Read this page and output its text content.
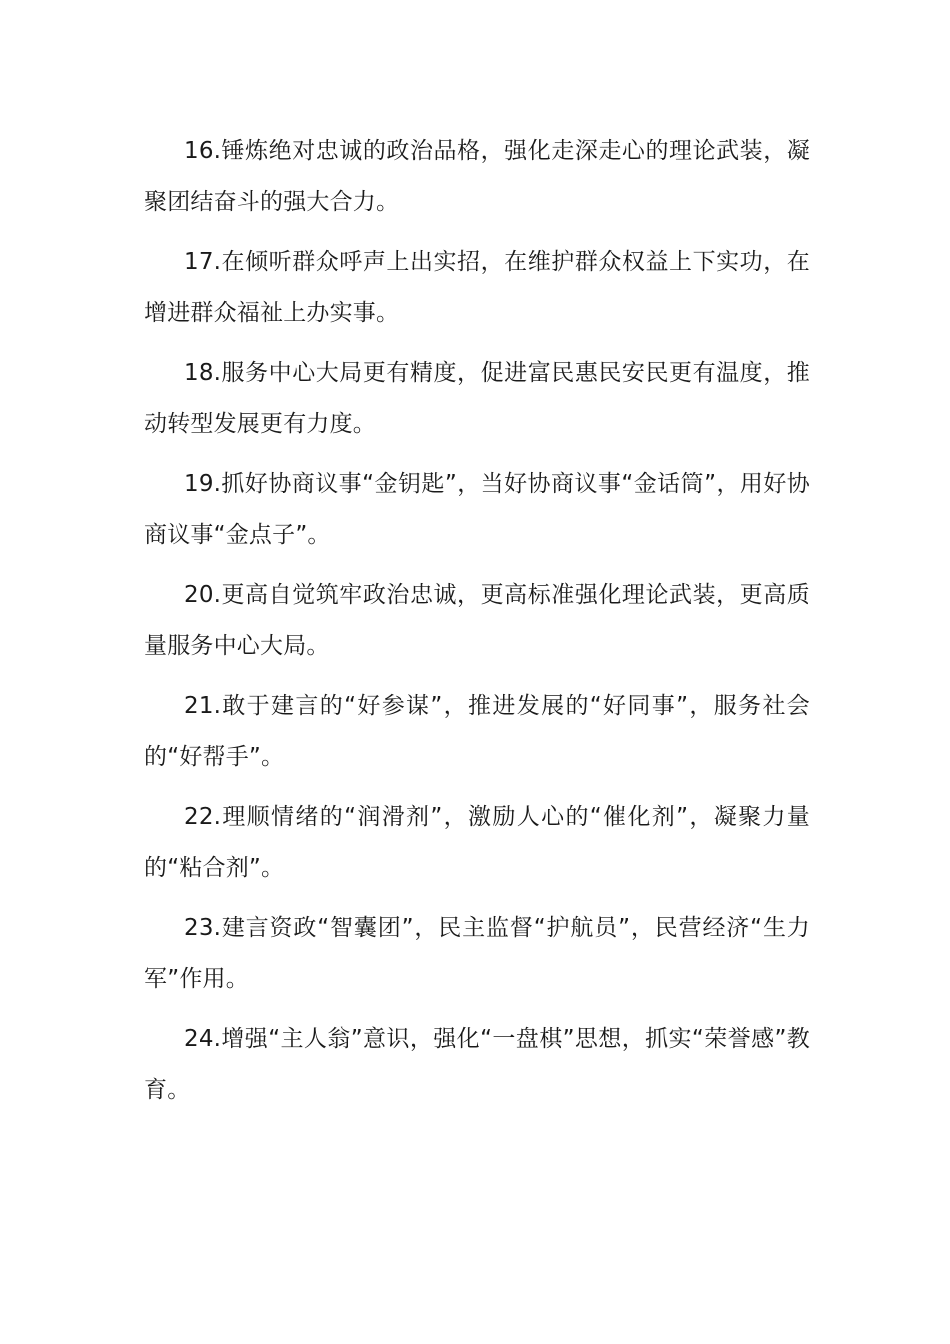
16.锤炼绝对忠诚的政治品格，强化走深走心的理论武装，凝聚团结奋斗的强大合力。

17.在倾听群众呼声上出实招，在维护群众权益上下实功，在增进群众福祉上办实事。

18.服务中心大局更有精度，促进富民惠民安民更有温度，推动转型发展更有力度。

19.抓好协商议事“金钥匙”，当好协商议事“金话筒”，用好协商议事“金点子”。

20.更高自觉筑牢政治忠诚，更高标准强化理论武装，更高质量服务中心大局。

21.敢于建言的“好参谋”，推进发展的“好同事”，服务社会的“好帮手”。

22.理顺情绪的“润滑剂”，激励人心的“催化剂”，凝聚力量的“粘合剂”。

23.建言资政“智囊团”，民主监督“护航员”，民营经济“生力军”作用。

24.增强“主人翁”意识，强化“一盘棋”思想，抓实“荣誉感”教育。
